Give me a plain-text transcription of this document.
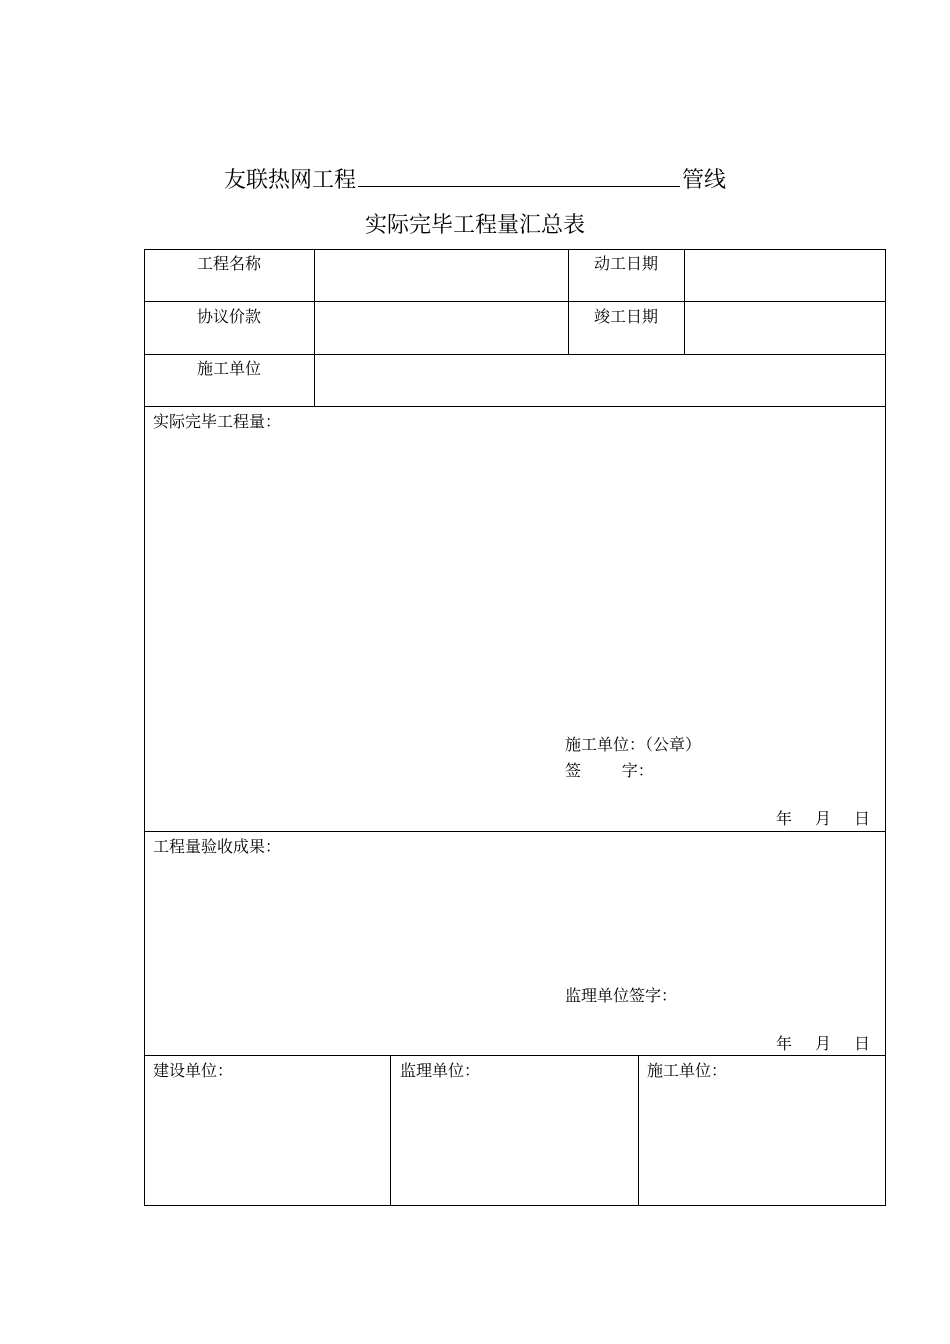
友联热网工程	管线
实际完毕工程量汇总表
工程名称	动工日期
协议价款	竣工日期
施工单位
实际完毕工程量：
施工单位：（公章）
签        字：
年 月 日
工程量验收成果：
监理单位签字：
年 月 日
建设单位：	监理单位：	施工单位：
